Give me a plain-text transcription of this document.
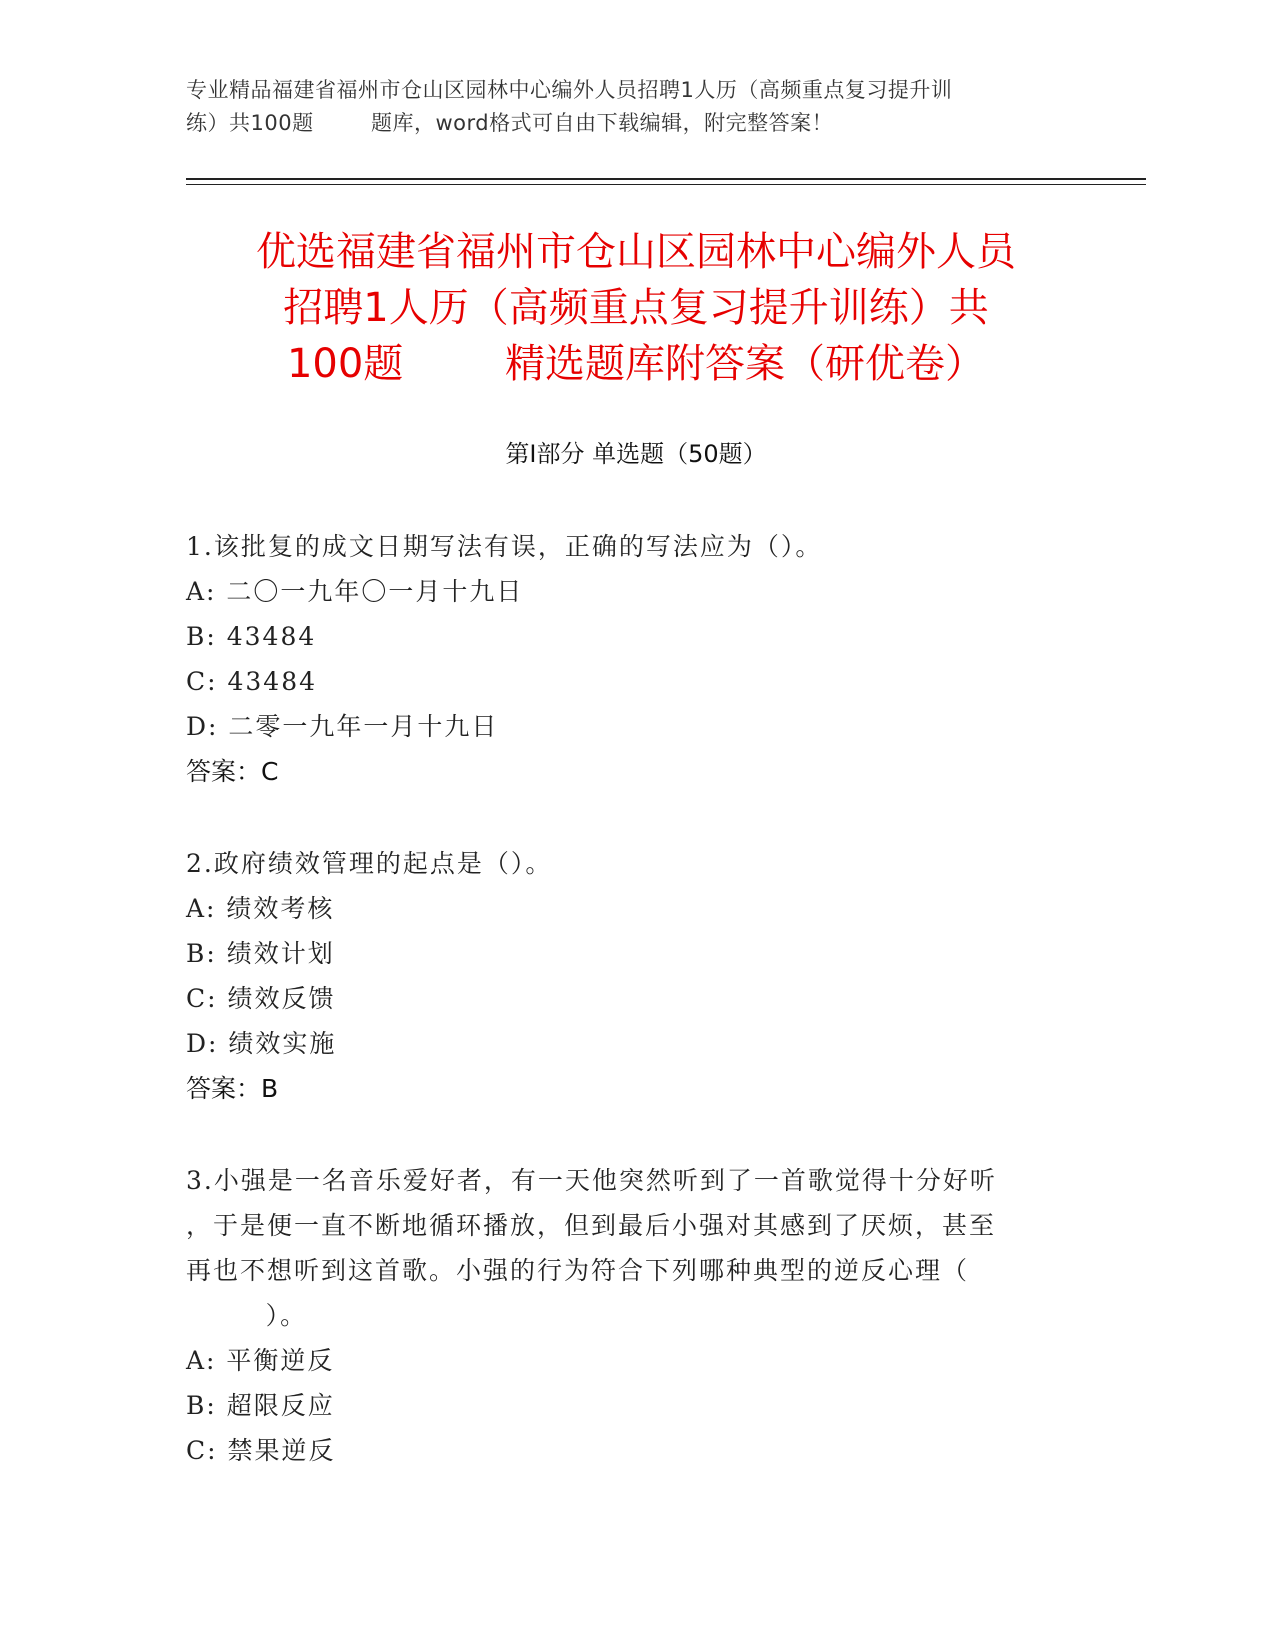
专业精品福建省福州市仓山区园林中心编外人员招聘1人历（高频重点复习提升训
练）共100题        题库，word格式可自由下载编辑，附完整答案！
优选福建省福州市仓山区园林中心编外人员
招聘1人历（高频重点复习提升训练）共
100题        精选题库附答案（研优卷）
第Ⅰ部分 单选题（50题）
1.该批复的成文日期写法有误，正确的写法应为（）。
A: 二〇一九年〇一月十九日
B: 43484
C: 43484
D: 二零一九年一月十九日
答案：C
2.政府绩效管理的起点是（）。
A: 绩效考核
B: 绩效计划
C: 绩效反馈
D: 绩效实施
答案：B
3.小强是一名音乐爱好者，有一天他突然听到了一首歌觉得十分好听
，于是便一直不断地循环播放，但到最后小强对其感到了厌烦，甚至
再也不想听到这首歌。小强的行为符合下列哪种典型的逆反心理（
）。
A: 平衡逆反
B: 超限反应
C: 禁果逆反
